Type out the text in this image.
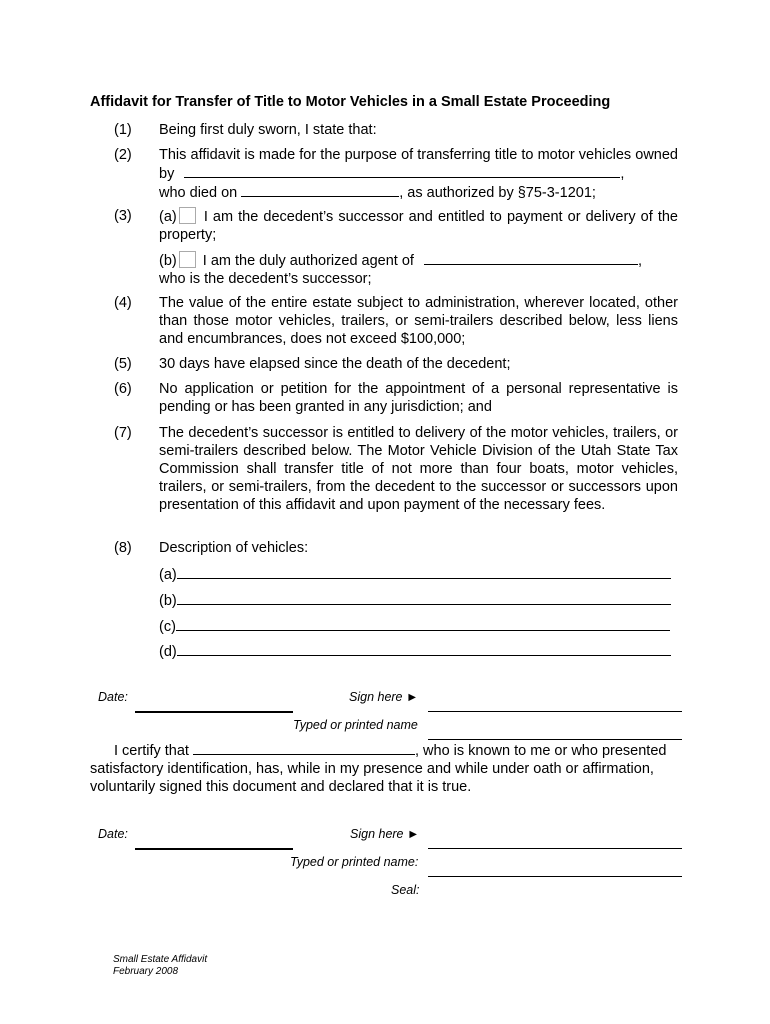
Affidavit for Transfer of Title to Motor Vehicles in a Small Estate Proceeding
(1) Being first duly sworn, I state that:
(2) This affidavit is made for the purpose of transferring title to motor vehicles owned by	,
who died on	, as authorized by §75-3-1201;
(3) (a) I am the decedent’s successor and entitled to payment or delivery of the property;
(b) I am the duly authorized agent of	,
who is the decedent’s successor;
(4) The value of the entire estate subject to administration, wherever located, other than those motor vehicles, trailers, or semi-trailers described below, less liens and encumbrances, does not exceed $100,000;
(5) 30 days have elapsed since the death of the decedent;
(6) No application or petition for the appointment of a personal representative is pending or has been granted in any jurisdiction; and
(7) The decedent’s successor is entitled to delivery of the motor vehicles, trailers, or semi-trailers described below. The Motor Vehicle Division of the Utah State Tax Commission shall transfer title of not more than four boats, motor vehicles, trailers, or semi-trailers, from the decedent to the successor or successors upon presentation of this affidavit and upon payment of the necessary fees.
(8) Description of vehicles:
(a)
(b)
(c)
(d)
Date:	Sign here ►
Typed or printed name
I certify that	, who is known to me or who presented satisfactory identification, has, while in my presence and while under oath or affirmation, voluntarily signed this document and declared that it is true.
Date:	Sign here ►
Typed or printed name:
Seal:
Small Estate Affidavit
February 2008
